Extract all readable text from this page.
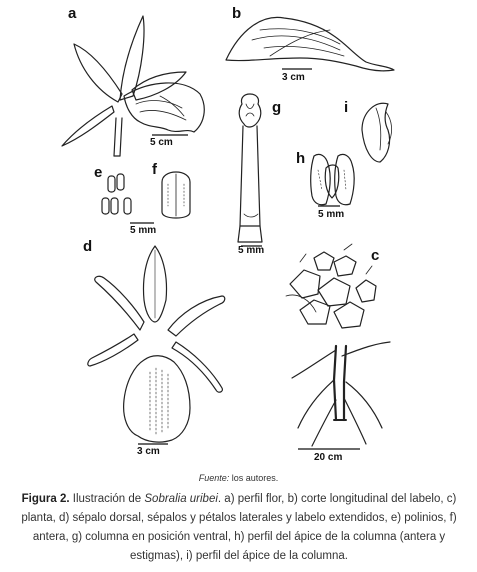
a	b
g	i
h
e	f
d
c
5 cm
3 cm
5 mm
5 mm
5 mm
3 cm
20 cm
Fuente: los autores.
Figura 2. Ilustración de Sobralia uribei. a) perfil flor, b) corte longitudinal del labelo, c) planta, d) sépalo dorsal, sépalos y pétalos laterales y labelo extendidos, e) polinios, f) antera, g) columna en posición ventral, h) perfil del ápice de la columna (antera y estigmas), i) perfil del ápice de la columna.
